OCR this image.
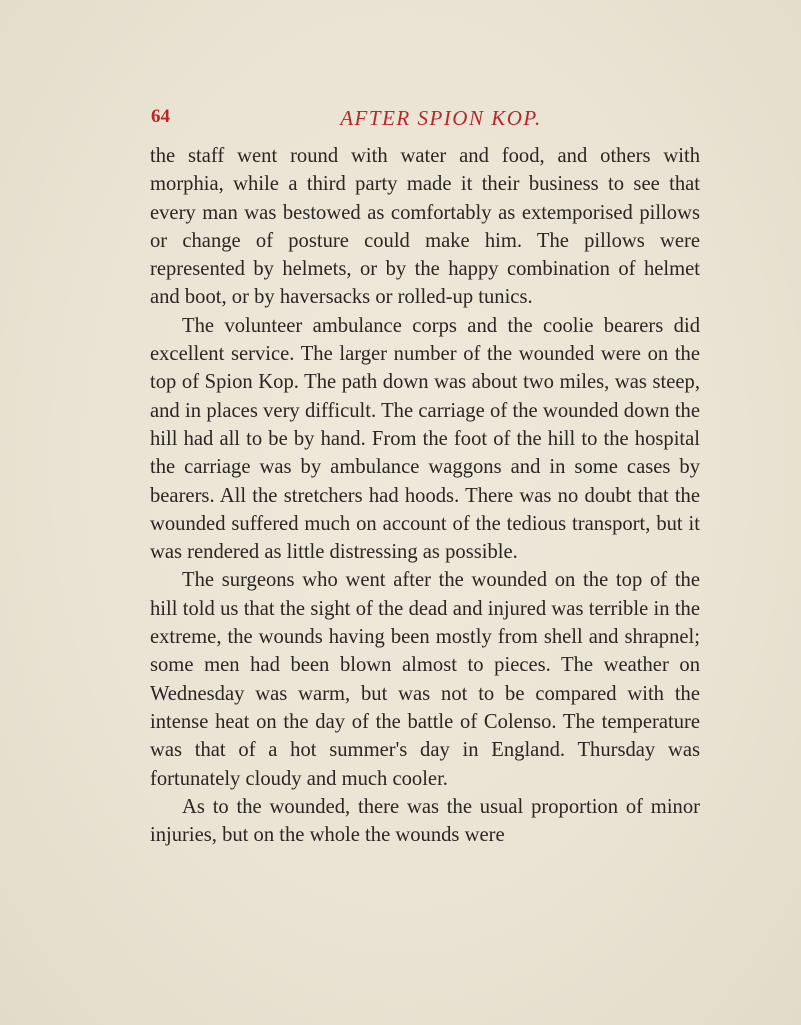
64	AFTER SPION KOP.

the staff went round with water and food, and others with morphia, while a third party made it their business to see that every man was bestowed as comfortably as extemporised pillows or change of posture could make him. The pillows were represented by helmets, or by the happy combination of helmet and boot, or by haversacks or rolled-up tunics.

The volunteer ambulance corps and the coolie bearers did excellent service. The larger number of the wounded were on the top of Spion Kop. The path down was about two miles, was steep, and in places very difficult. The carriage of the wounded down the hill had all to be by hand. From the foot of the hill to the hospital the carriage was by ambulance waggons and in some cases by bearers. All the stretchers had hoods. There was no doubt that the wounded suffered much on account of the tedious transport, but it was rendered as little distressing as possible.

The surgeons who went after the wounded on the top of the hill told us that the sight of the dead and injured was terrible in the extreme, the wounds having been mostly from shell and shrapnel; some men had been blown almost to pieces. The weather on Wednesday was warm, but was not to be compared with the intense heat on the day of the battle of Colenso. The temperature was that of a hot summer's day in England. Thursday was fortunately cloudy and much cooler.

As to the wounded, there was the usual proportion of minor injuries, but on the whole the wounds were
